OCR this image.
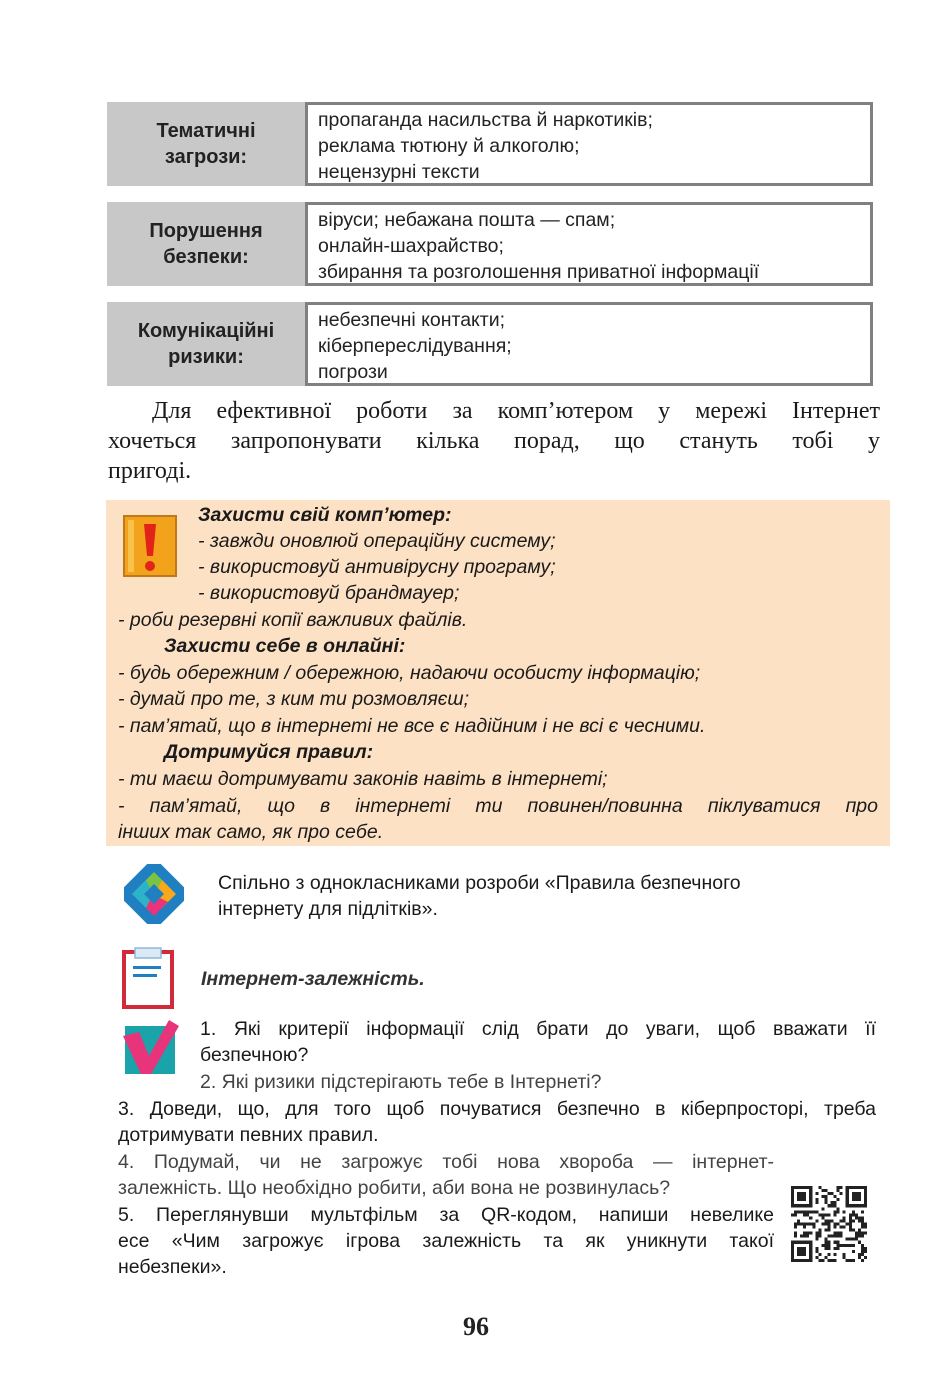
Тематичні
загрози:
пропаганда насильства й наркотиків;
реклама тютюну й алкоголю;
нецензурні тексти
Порушення
безпеки:
віруси; небажана пошта — спам;
онлайн-шахрайство;
збирання та розголошення приватної інформації
Комунікаційні
ризики:
небезпечні контакти;
кіберпереслідування;
погрози
Для ефективної роботи за комп’ютером у мережі Інтернет
хочеться запропонувати кілька порад, що стануть тобі у
пригоді.
Захисти свій комп’ютер:
- завжди оновлюй операційну систему;
- використовуй антивірусну програму;
- використовуй брандмауер;
- роби резервні копії важливих файлів.
Захисти себе в онлайні:
- будь обережним / обережною, надаючи особисту інформацію;
- думай про те, з ким ти розмовляєш;
- пам’ятай, що в інтернеті не все є надійним і не всі є чесними.
Дотримуйся правил:
- ти маєш дотримувати законів навіть в інтернеті;
- пам’ятай, що в інтернеті ти повинен/повинна піклуватися про
інших так само, як про себе.
Спільно з однокласниками розроби «Правила безпечного
інтернету для підлітків».
Інтернет-залежність.
1. Які критерії інформації слід брати до уваги, щоб вважати її
безпечною?
2. Які ризики підстерігають тебе в Інтернеті?
3. Доведи, що, для того щоб почуватися безпечно в кіберпросторі, треба
дотримувати певних правил.
4. Подумай, чи не загрожує тобі нова хвороба — інтернет-
залежність. Що необхідно робити, аби вона не розвинулась?
5. Переглянувши мультфільм за QR-кодом, напиши невелике
есе «Чим загрожує ігрова залежність та як уникнути такої
небезпеки».
96
